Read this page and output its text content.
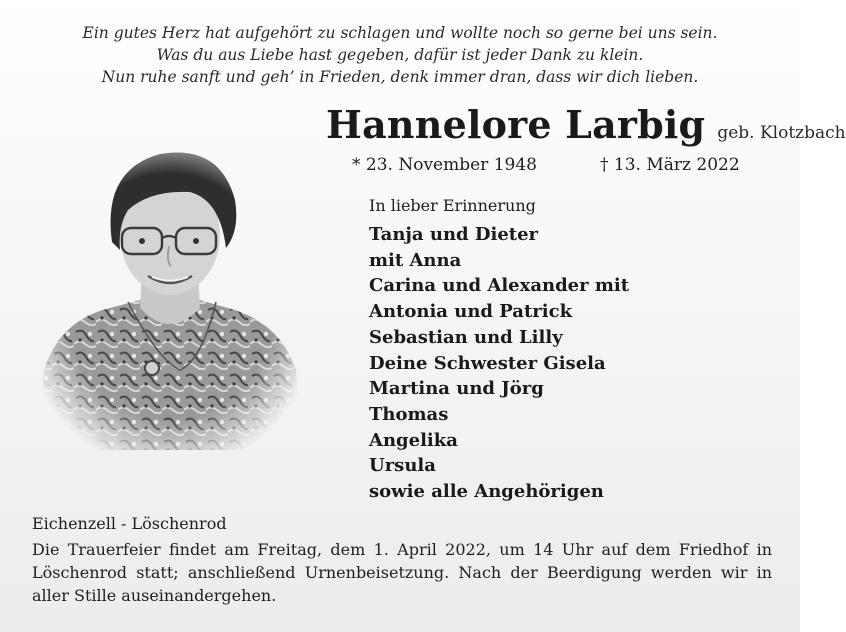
Ein gutes Herz hat aufgehört zu schlagen und wollte noch so gerne bei uns sein.
Was du aus Liebe hast gegeben, dafür ist jeder Dank zu klein.
Nun ruhe sanft und geh’ in Frieden, denk immer dran, dass wir dich lieben.
Hannelore Larbig geb. Klotzbach
* 23. November 1948	† 13. März 2022
In lieber Erinnerung
Tanja und Dieter
mit Anna
Carina und Alexander mit
Antonia und Patrick
Sebastian und Lilly
Deine Schwester Gisela
Martina und Jörg
Thomas
Angelika
Ursula
sowie alle Angehörigen
Eichenzell - Löschenrod
Die Trauerfeier findet am Freitag, dem 1. April 2022, um 14 Uhr auf dem Friedhof in Löschenrod statt; anschließend Urnenbeisetzung. Nach der Beerdigung werden wir in aller Stille auseinandergehen.
